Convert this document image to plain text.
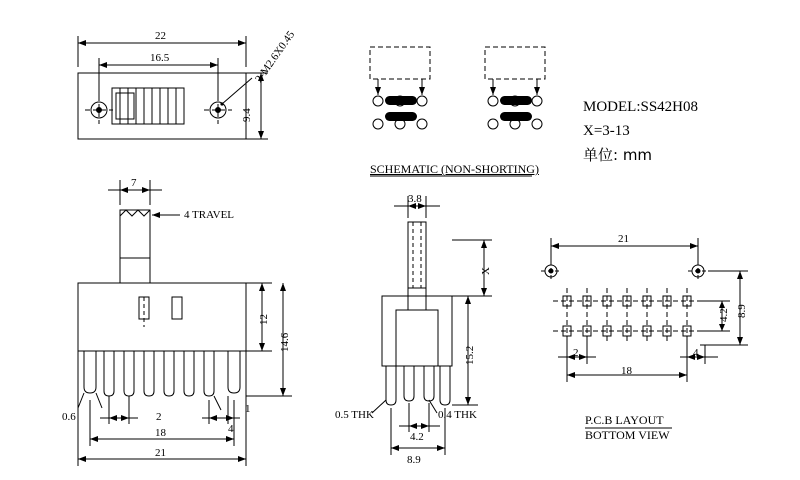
MODEL:SS42H08
X=3-13
单位: mm
22
16.5
9.4
2-M2.6X0.45
SCHEMATIC (NON-SHORTING)
7
4 TRAVEL
12
14.6
0.6	2
1
4
18
21
3.8
X
15.2
0.5 THK	0.4 THK
4.2
8.9
21
4.2 8.9
2	4
18
P.C.B LAYOUT
BOTTOM VIEW
